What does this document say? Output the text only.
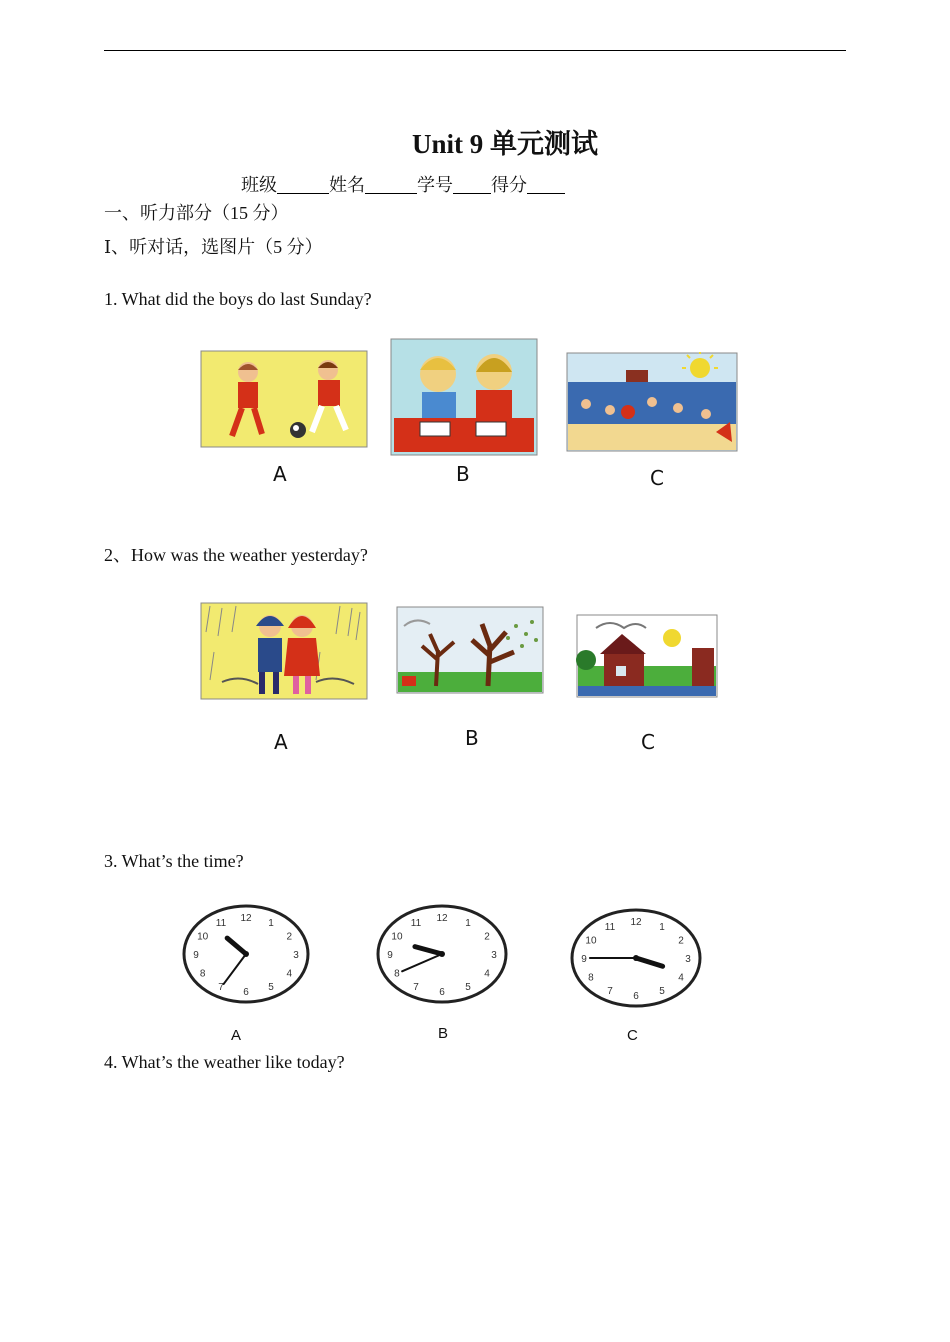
Unit 9 单元测试
班级	姓名	学号 得分
一、听力部分（15 分）
Ⅰ、听对话，选图片（5 分）
1. What did the boys do last Sunday?
A	B	C
2、How was the weather yesterday?
A	B	C
3. What’s the time?
12 1
2
3
4
5
6
7
8
9
10
11
A
12 1
2
3
4
5
6
7
8
9
10
11
B
12 1
2
3
4
5
6
7
8
9
10
11
C
4. What’s the weather like today?
